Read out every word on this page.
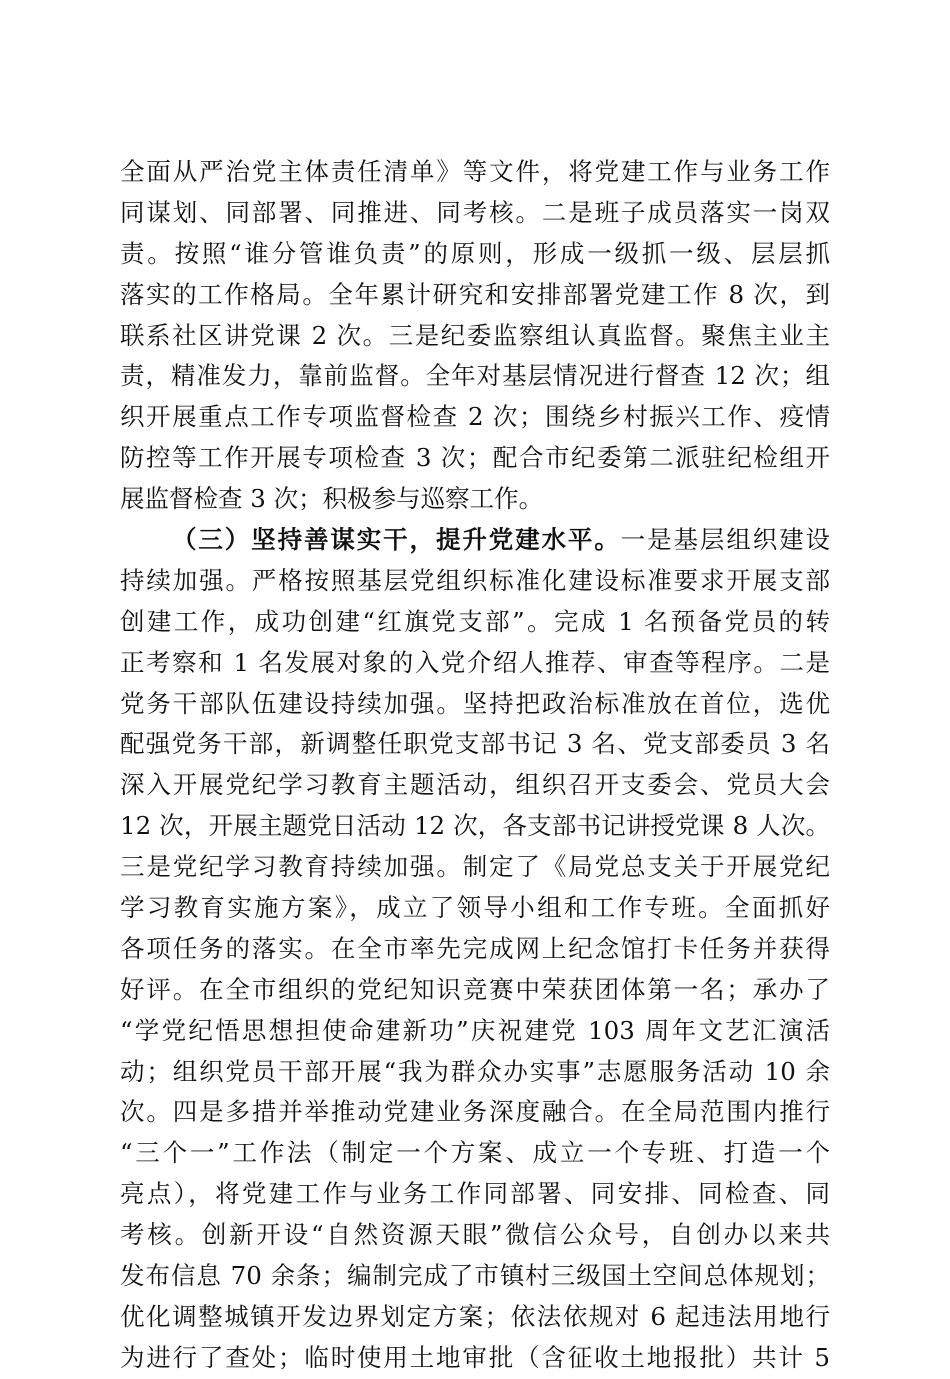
全面从严治党主体责任清单》等文件，将党建工作与业务工作
同谋划、同部署、同推进、同考核。二是班子成员落实一岗双
责。按照“谁分管谁负责”的原则，形成一级抓一级、层层抓
落实的工作格局。全年累计研究和安排部署党建工作 8 次，到
联系社区讲党课 2 次。三是纪委监察组认真监督。聚焦主业主
责，精准发力，靠前监督。全年对基层情况进行督查 12 次；组
织开展重点工作专项监督检查 2 次；围绕乡村振兴工作、疫情
防控等工作开展专项检查 3 次；配合市纪委第二派驻纪检组开
展监督检查 3 次；积极参与巡察工作。
（三）坚持善谋实干，提升党建水平。一是基层组织建设
持续加强。严格按照基层党组织标准化建设标准要求开展支部
创建工作，成功创建“红旗党支部”。完成 1 名预备党员的转
正考察和 1 名发展对象的入党介绍人推荐、审查等程序。二是
党务干部队伍建设持续加强。坚持把政治标准放在首位，选优
配强党务干部，新调整任职党支部书记 3 名、党支部委员 3 名
深入开展党纪学习教育主题活动，组织召开支委会、党员大会
12 次，开展主题党日活动 12 次，各支部书记讲授党课 8 人次。
三是党纪学习教育持续加强。制定了《局党总支关于开展党纪
学习教育实施方案》，成立了领导小组和工作专班。全面抓好
各项任务的落实。在全市率先完成网上纪念馆打卡任务并获得
好评。在全市组织的党纪知识竞赛中荣获团体第一名；承办了
“学党纪悟思想担使命建新功”庆祝建党 103 周年文艺汇演活
动；组织党员干部开展“我为群众办实事”志愿服务活动 10 余
次。四是多措并举推动党建业务深度融合。在全局范围内推行
“三个一”工作法（制定一个方案、成立一个专班、打造一个
亮点），将党建工作与业务工作同部署、同安排、同检查、同
考核。创新开设“自然资源天眼”微信公众号，自创办以来共
发布信息 70 余条；编制完成了市镇村三级国土空间总体规划；
优化调整城镇开发边界划定方案；依法依规对 6 起违法用地行
为进行了查处；临时使用土地审批（含征收土地报批）共计 5
